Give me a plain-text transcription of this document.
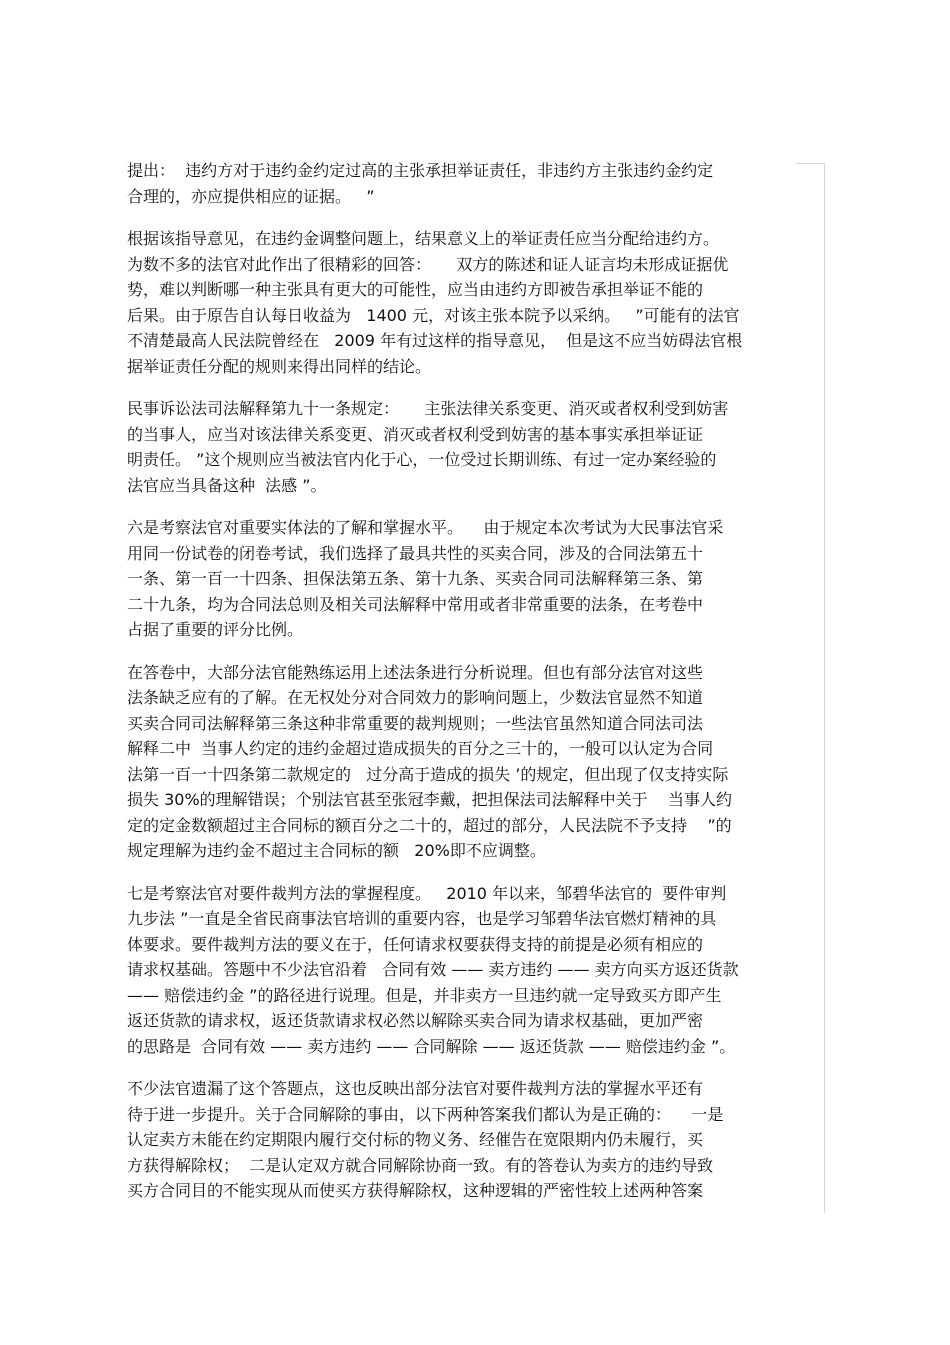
提出：  违约方对于违约金约定过高的主张承担举证责任，非违约方主张违约金约定
合理的，亦应提供相应的证据。   ”
根据该指导意见，在违约金调整问题上，结果意义上的举证责任应当分配给违约方。
为数不多的法官对此作出了很精彩的回答：     双方的陈述和证人证言均未形成证据优
势，难以判断哪一种主张具有更大的可能性，应当由违约方即被告承担举证不能的
后果。由于原告自认每日收益为   1400 元，对该主张本院予以采纳。   ”可能有的法官
不清楚最高人民法院曾经在   2009 年有过这样的指导意见，  但是这不应当妨碍法官根
据举证责任分配的规则来得出同样的结论。
民事诉讼法司法解释第九十一条规定：     主张法律关系变更、消灭或者权利受到妨害
的当事人，应当对该法律关系变更、消灭或者权利受到妨害的基本事实承担举证证
明责任。 ”这个规则应当被法官内化于心，一位受过长期训练、有过一定办案经验的
法官应当具备这种  法感 ”。
六是考察法官对重要实体法的了解和掌握水平。    由于规定本次考试为大民事法官采
用同一份试卷的闭卷考试，我们选择了最具共性的买卖合同，涉及的合同法第五十
一条、第一百一十四条、担保法第五条、第十九条、买卖合同司法解释第三条、第
二十九条，均为合同法总则及相关司法解释中常用或者非常重要的法条，在考卷中
占据了重要的评分比例。
在答卷中，大部分法官能熟练运用上述法条进行分析说理。但也有部分法官对这些
法条缺乏应有的了解。在无权处分对合同效力的影响问题上，少数法官显然不知道
买卖合同司法解释第三条这种非常重要的裁判规则；一些法官虽然知道合同法司法
解释二中  当事人约定的违约金超过造成损失的百分之三十的，一般可以认定为合同
法第一百一十四条第二款规定的   过分高于造成的损失 ’的规定，但出现了仅支持实际
损失 30%的理解错误；个别法官甚至张冠李戴，把担保法司法解释中关于    当事人约
定的定金数额超过主合同标的额百分之二十的，超过的部分，人民法院不予支持    ”的
规定理解为违约金不超过主合同标的额   20%即不应调整。
七是考察法官对要件裁判方法的掌握程度。   2010 年以来，邹碧华法官的  要件审判
九步法 ”一直是全省民商事法官培训的重要内容，也是学习邹碧华法官燃灯精神的具
体要求。要件裁判方法的要义在于，任何请求权要获得支持的前提是必须有相应的
请求权基础。答题中不少法官沿着   合同有效 —— 卖方违约 —— 卖方向买方返还货款
—— 赔偿违约金 ”的路径进行说理。但是，并非卖方一旦违约就一定导致买方即产生
返还货款的请求权，返还货款请求权必然以解除买卖合同为请求权基础，更加严密
的思路是  合同有效 —— 卖方违约 —— 合同解除 —— 返还货款 —— 赔偿违约金 ”。
不少法官遗漏了这个答题点，这也反映出部分法官对要件裁判方法的掌握水平还有
待于进一步提升。关于合同解除的事由，以下两种答案我们都认为是正确的：    一是
认定卖方未能在约定期限内履行交付标的物义务、经催告在宽限期内仍未履行，买
方获得解除权；  二是认定双方就合同解除协商一致。有的答卷认为卖方的违约导致
买方合同目的不能实现从而使买方获得解除权，这种逻辑的严密性较上述两种答案
